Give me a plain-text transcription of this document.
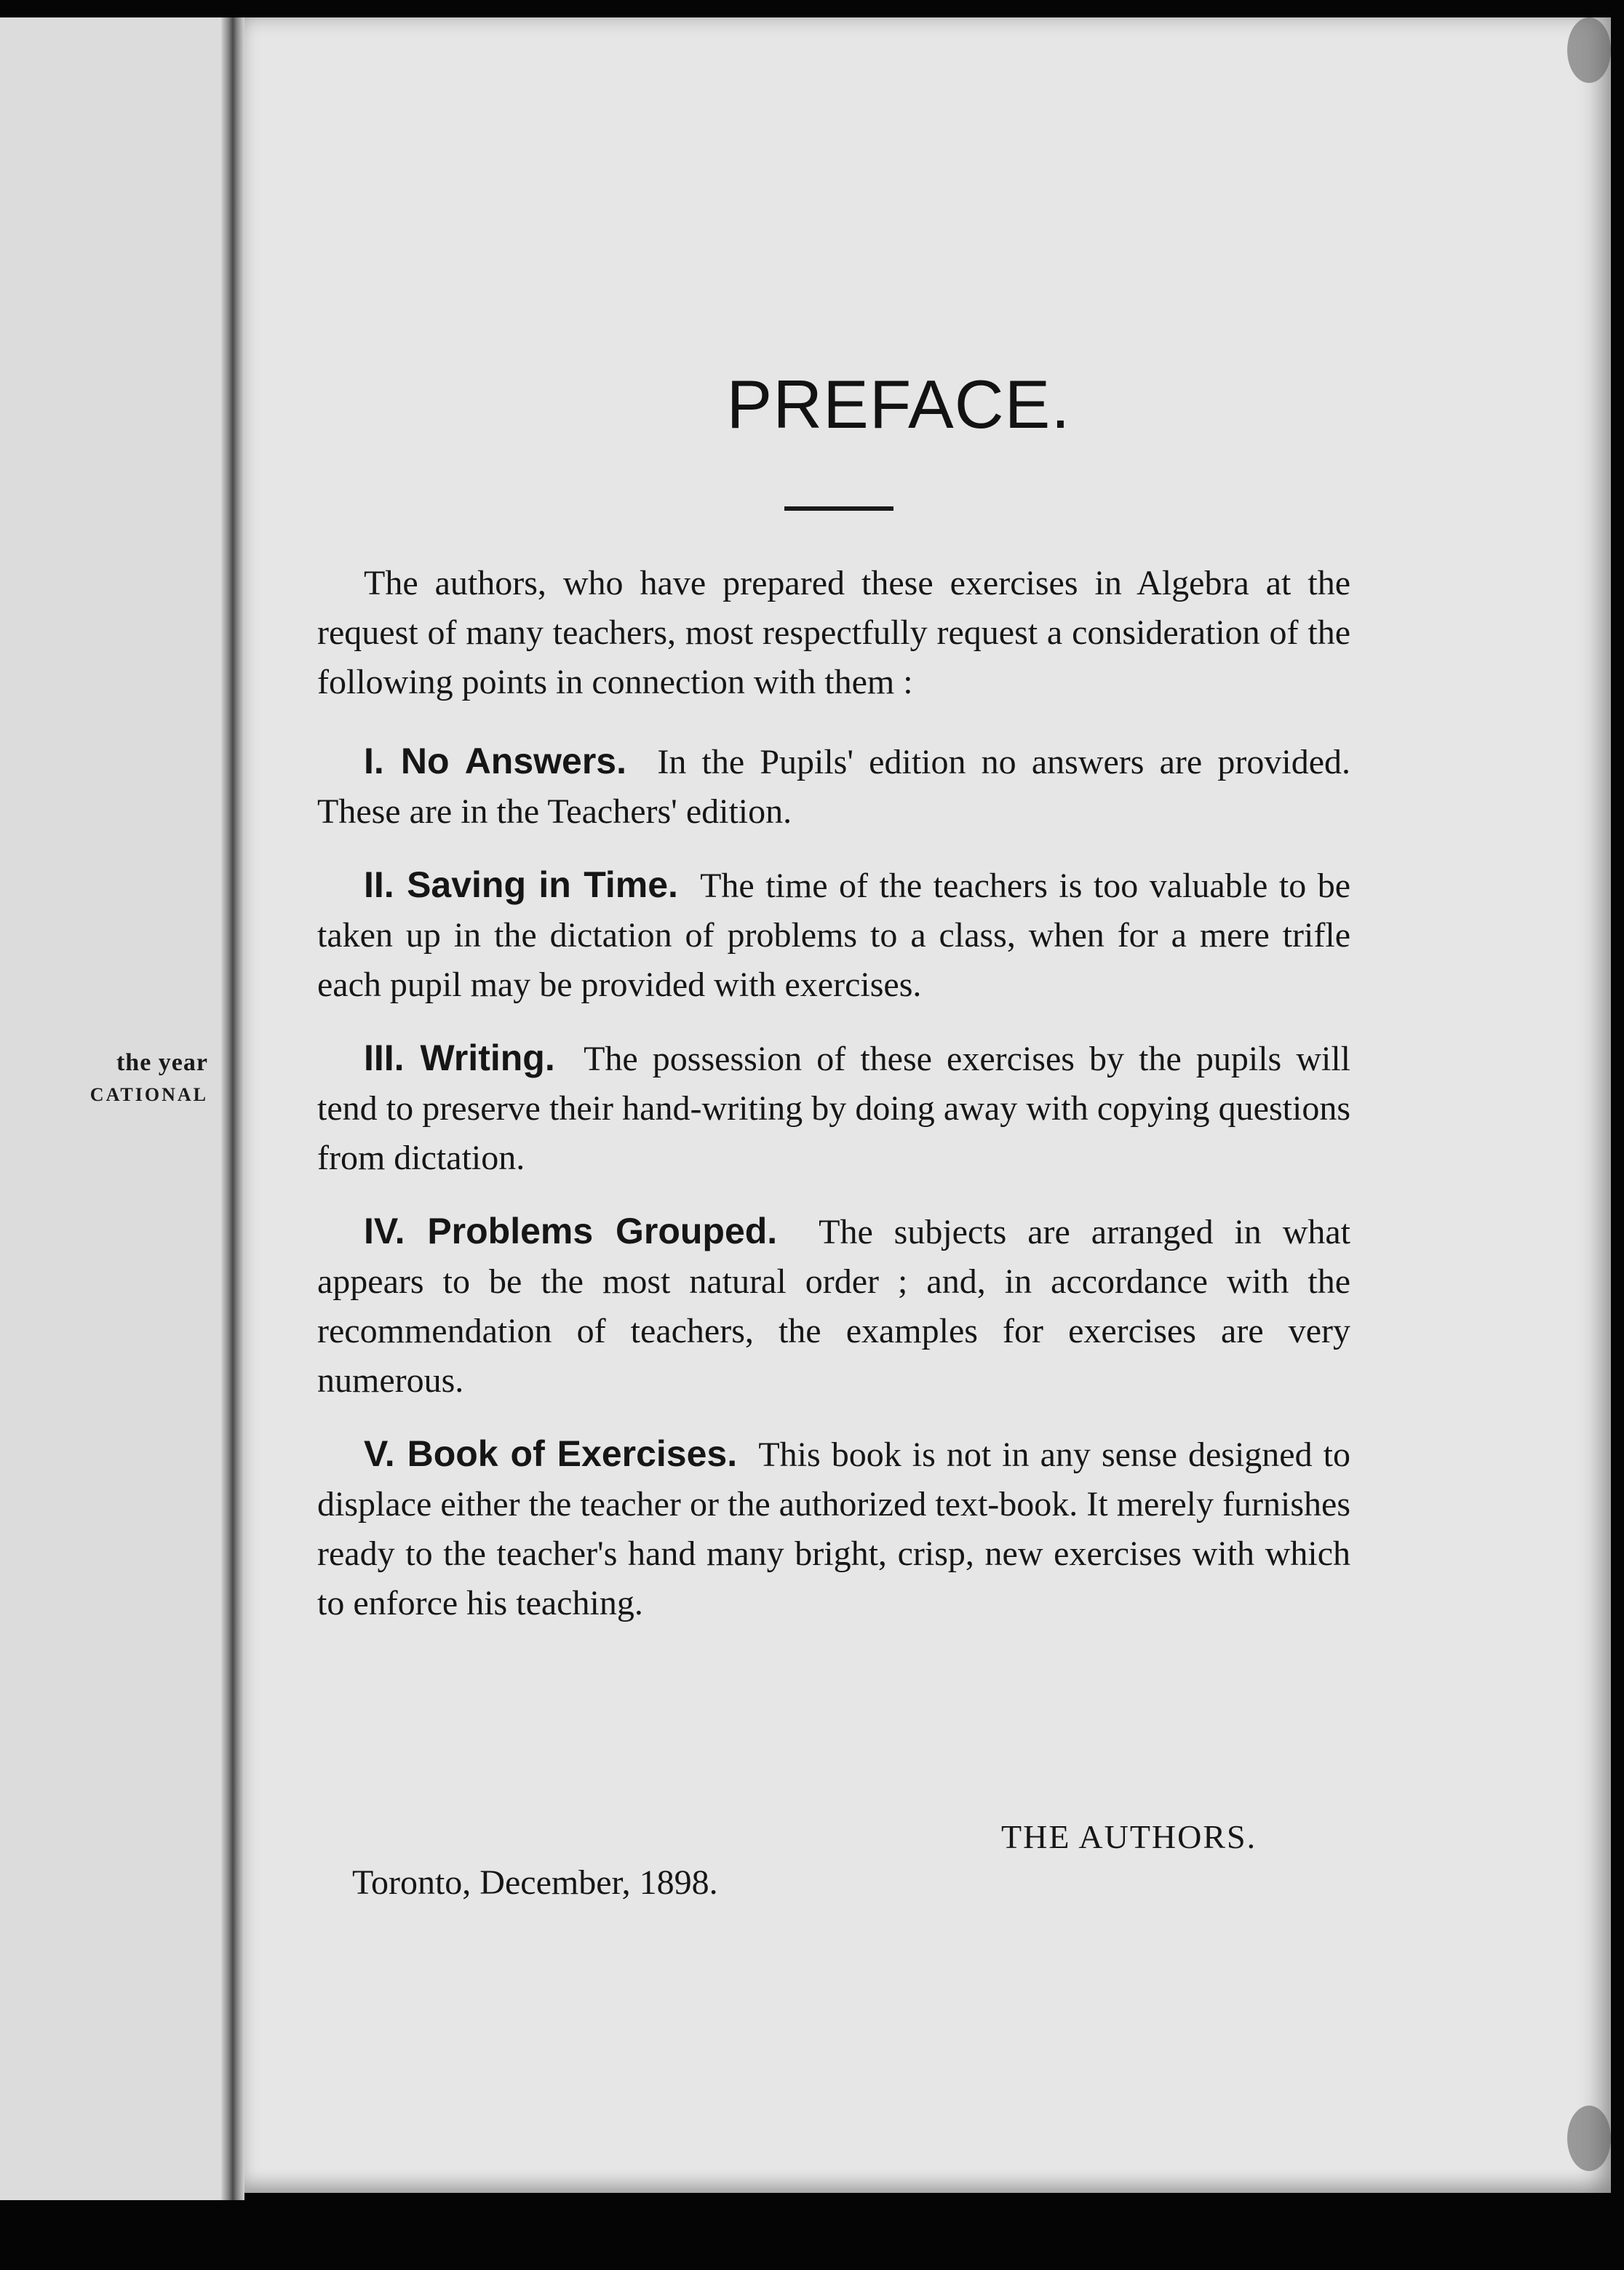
the year
CATIONAL
PREFACE.

The authors, who have prepared these exercises in Algebra at the request of many teachers, most respectfully request a consideration of the following points in connection with them :

I. No Answers. In the Pupils' edition no answers are provided. These are in the Teachers' edition.

II. Saving in Time. The time of the teachers is too valuable to be taken up in the dictation of problems to a class, when for a mere trifle each pupil may be provided with exercises.

III. Writing. The possession of these exercises by the pupils will tend to preserve their hand-writing by doing away with copying questions from dictation.

IV. Problems Grouped. The subjects are arranged in what appears to be the most natural order ; and, in accordance with the recommendation of teachers, the examples for exercises are very numerous.

V. Book of Exercises. This book is not in any sense designed to displace either the teacher or the authorized text-book. It merely furnishes ready to the teacher's hand many bright, crisp, new exercises with which to enforce his teaching.

THE AUTHORS.
Toronto, December, 1898.
